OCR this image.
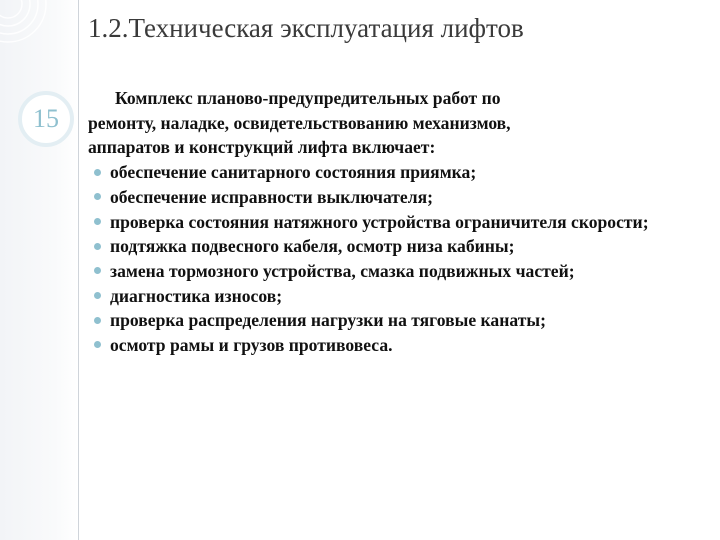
15
1.2.Техническая эксплуатация лифтов

Комплекс планово-предупредительных работ по
ремонту, наладке, освидетельствованию механизмов,
аппаратов и конструкций лифта включает:

обеспечение санитарного состояния приямка;
обеспечение исправности выключателя;
проверка состояния натяжного устройства ограничителя скорости;
подтяжка подвесного кабеля, осмотр низа кабины;
замена тормозного устройства, смазка подвижных частей;
диагностика износов;
проверка распределения нагрузки на тяговые канаты;
осмотр рамы и грузов противовеса.
